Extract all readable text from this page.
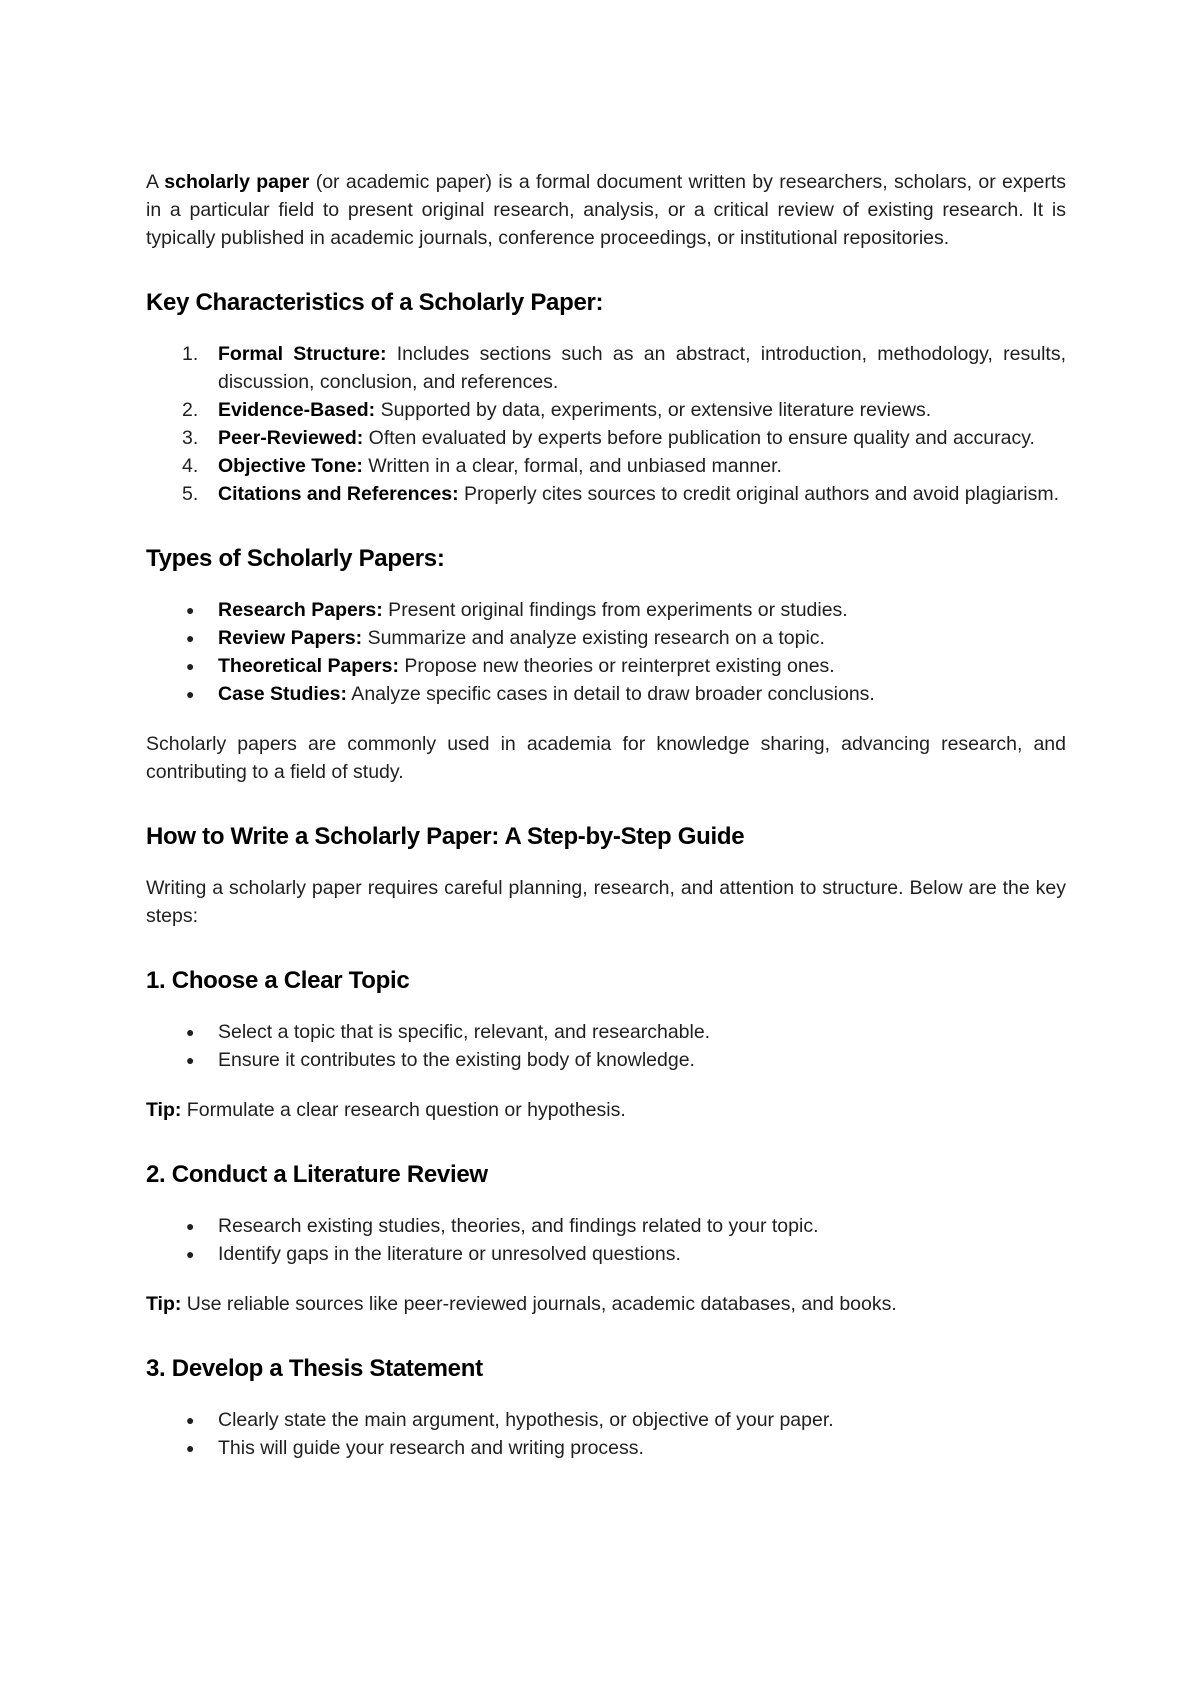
A scholarly paper (or academic paper) is a formal document written by researchers, scholars, or experts in a particular field to present original research, analysis, or a critical review of existing research. It is typically published in academic journals, conference proceedings, or institutional repositories.

Key Characteristics of a Scholarly Paper:
1. Formal Structure: Includes sections such as an abstract, introduction, methodology, results, discussion, conclusion, and references.
2. Evidence-Based: Supported by data, experiments, or extensive literature reviews.
3. Peer-Reviewed: Often evaluated by experts before publication to ensure quality and accuracy.
4. Objective Tone: Written in a clear, formal, and unbiased manner.
5. Citations and References: Properly cites sources to credit original authors and avoid plagiarism.
Types of Scholarly Papers:
● Research Papers: Present original findings from experiments or studies.
● Review Papers: Summarize and analyze existing research on a topic.
● Theoretical Papers: Propose new theories or reinterpret existing ones.
● Case Studies: Analyze specific cases in detail to draw broader conclusions.

Scholarly papers are commonly used in academia for knowledge sharing, advancing research, and contributing to a field of study.

How to Write a Scholarly Paper: A Step-by-Step Guide

Writing a scholarly paper requires careful planning, research, and attention to structure. Below are the key steps:

1. Choose a Clear Topic
● Select a topic that is specific, relevant, and researchable.
● Ensure it contributes to the existing body of knowledge.

Tip: Formulate a clear research question or hypothesis.

2. Conduct a Literature Review
● Research existing studies, theories, and findings related to your topic.
● Identify gaps in the literature or unresolved questions.

Tip: Use reliable sources like peer-reviewed journals, academic databases, and books.

3. Develop a Thesis Statement
● Clearly state the main argument, hypothesis, or objective of your paper.
● This will guide your research and writing process.
